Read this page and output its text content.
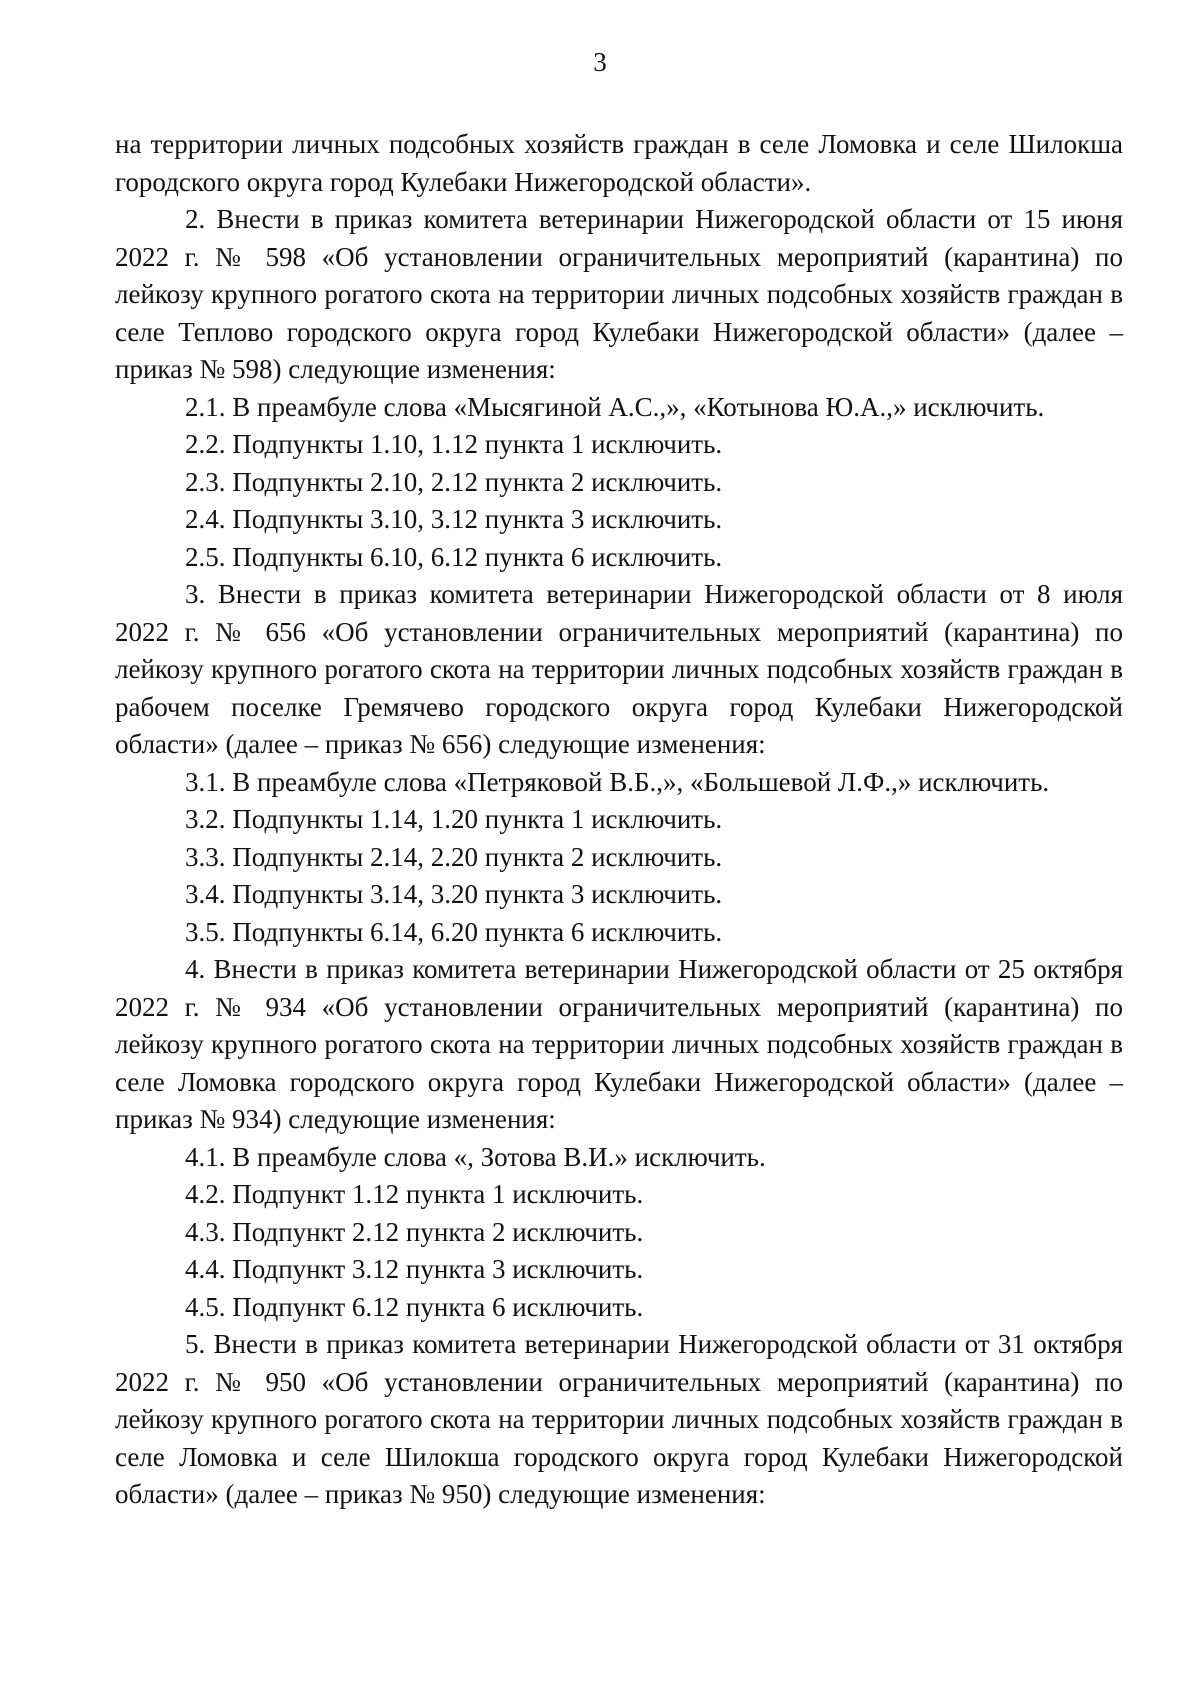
3

на территории личных подсобных хозяйств граждан в селе Ломовка и селе Шилокша городского округа город Кулебаки Нижегородской области».

2. Внести в приказ комитета ветеринарии Нижегородской области от 15 июня 2022 г. № 598 «Об установлении ограничительных мероприятий (карантина) по лейкозу крупного рогатого скота на территории личных подсобных хозяйств граждан в селе Теплово городского округа город Кулебаки Нижегородской области» (далее – приказ № 598) следующие изменения:

2.1. В преамбуле слова «Мысягиной А.С.,», «Котынова Ю.А.,» исключить.

2.2. Подпункты 1.10, 1.12 пункта 1 исключить.

2.3. Подпункты 2.10, 2.12 пункта 2 исключить.

2.4. Подпункты 3.10, 3.12 пункта 3 исключить.

2.5. Подпункты 6.10, 6.12 пункта 6 исключить.

3. Внести в приказ комитета ветеринарии Нижегородской области от 8 июля 2022 г. № 656 «Об установлении ограничительных мероприятий (карантина) по лейкозу крупного рогатого скота на территории личных подсобных хозяйств граждан в рабочем поселке Гремячево городского округа город Кулебаки Нижегородской области» (далее – приказ № 656) следующие изменения:

3.1. В преамбуле слова «Петряковой В.Б.,», «Большевой Л.Ф.,» исключить.

3.2. Подпункты 1.14, 1.20 пункта 1 исключить.

3.3. Подпункты 2.14, 2.20 пункта 2 исключить.

3.4. Подпункты 3.14, 3.20 пункта 3 исключить.

3.5. Подпункты 6.14, 6.20 пункта 6 исключить.

4. Внести в приказ комитета ветеринарии Нижегородской области от 25 октября 2022 г. № 934 «Об установлении ограничительных мероприятий (карантина) по лейкозу крупного рогатого скота на территории личных подсобных хозяйств граждан в селе Ломовка городского округа город Кулебаки Нижегородской области» (далее – приказ № 934) следующие изменения:

4.1. В преамбуле слова «, Зотова В.И.» исключить.

4.2. Подпункт 1.12 пункта 1 исключить.

4.3. Подпункт 2.12 пункта 2 исключить.

4.4. Подпункт 3.12 пункта 3 исключить.

4.5. Подпункт 6.12 пункта 6 исключить.

5. Внести в приказ комитета ветеринарии Нижегородской области от 31 октября 2022 г. № 950 «Об установлении ограничительных мероприятий (карантина) по лейкозу крупного рогатого скота на территории личных подсобных хозяйств граждан в селе Ломовка и селе Шилокша городского округа город Кулебаки Нижегородской области» (далее – приказ № 950) следующие изменения:
